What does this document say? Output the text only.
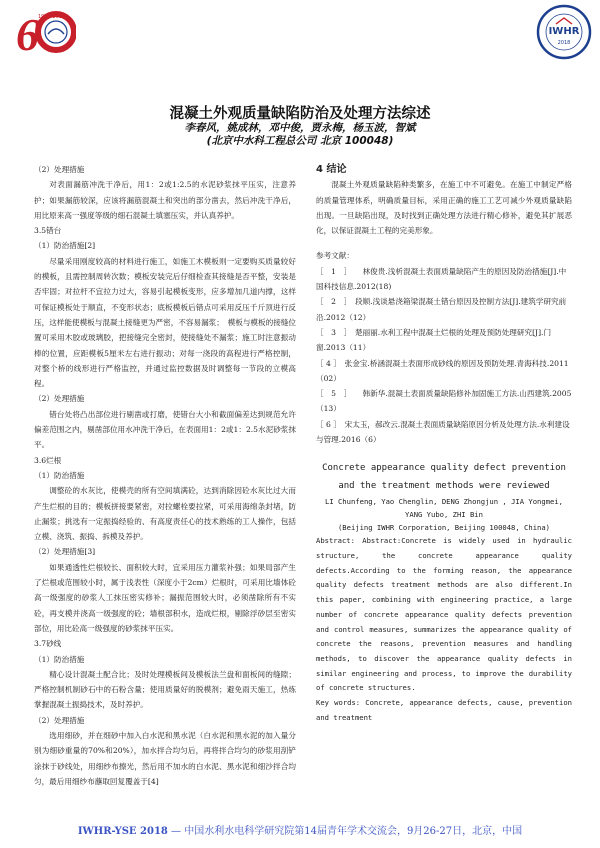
6 1936-2016
IWHR
2018
混凝土外观质量缺陷防治及处理方法综述
李春风，姚成林，邓中俊，贾永梅，杨玉波，智斌
(北京中水科工程总公司 北京 100048)

（2）处理措施

对表面漏筋冲洗干净后，用1：2或1:2.5的水泥砂浆抹平压实，注意养护；如果漏筋较深，应该将漏筋混凝土和突出的部分凿去，然后冲洗干净后，用比原来高一强度等级的细石混凝土填塞压实，并认真养护。

3.5错台

（1）防治措施[2]

尽量采用刚度较高的材料进行施工，如施工木模板则一定要购买质量较好的模板，且需控制周转次数；模板安装完后仔细检查其接缝是否平整，安装是否牢固；对拉杆不宜拉力过大，容易引起模板变形，应多增加几道内撑，这样可保证模板处于顺直，不变形状态；底板模板后错点可采用反压千斤顶进行反压，这样能使模板与混凝土接缝更为严密，不容易漏浆；　模板与模板的接缝位置可采用木胶或玻璃胶，把接缝完全密封，使接缝处不漏浆；施工时注意振动棒的位置，应距模板5厘米左右进行振动；对每一浇段的高程进行严格控制，对整个桥的线形进行严格监控，并通过监控数据及时调整每一节段的立模高程。

（2）处理措施

错台处将凸出部位进行剔凿或打磨，使错台大小和截面偏差达到规范允许偏差范围之内，剔凿部位用水冲洗干净后，在表面用1：2或1：2.5水泥砂浆抹平。

3.6烂根

（1）防治措施

调整砼的水灰比，使模壳的所有空间填满砼，达到消除因砼水灰比过大而产生烂根的目的；模板拼接要紧密，对拉螺栓要拉紧，可采用海绵条封堵，防止漏浆；挑选有一定振捣经验的、有高度责任心的技术熟练的工人操作，包括立模、浇筑、振捣、拆模及养护。

（2）处理措施[3]

如果通透性烂根较长、面积较大时，宜采用压力灌浆补强；如果局部产生了烂根或范围较小时，属于浅表性（深度小于2cm）烂根时，可采用比墙体砼高一级强度的砂浆人工抹压密实修补；漏振范围较大时，必须凿除所有不实砼，再支模并浇高一级强度的砼；墙根部积水，造成烂根，剔除浮砂层至密实部位，用比砼高一级强度的砂浆抹平压实。

3.7砂线

（1）防治措施

精心设计混凝土配合比；及时处理模板间及模板法兰盘和面板间的缝隙；严格控制机制砂石中的石粉含量；使用质量好的脱模剂；避免雨天施工，热炼掌握混凝土振捣技术，及时养护。

（2）处理措施

选用细砂，并在细砂中加入白水泥和黑水泥（白水泥和黑水泥的加入量分别为细砂重量的70%和20%），加水拌合均匀后，再将拌合均匀的砂浆用刮铲涂抹于砂线处，用细纱布擦光，然后用不加水的白水泥、黑水泥和细沙拌合均匀，最后用细纱布蘸取回复覆盖于[4]

4 结论

混凝土外观质量缺陷种类繁多，在施工中不可避免。在施工中制定严格的质量管理体系，明确质量目标，采用正确的施工工艺可减少外观质量缺陷出现。一旦缺陷出现，及时找到正确处理方法进行精心修补，避免其扩展恶化，以保证混凝土工程的完美形象。

参考文献：

［　1　］　　林俊贵.浅析混凝土表面质量缺陷产生的原因及防治措施[J].中国科技信息.2012(18)

［　2　］　段顺.浅谈悬浇箱梁混凝土错台原因及控制方法[J].建筑学研究前沿.2012（12）

［　3　］　楚丽丽.水利工程中混凝土烂根的处理及预防处理研究[J].门　　　　窗.2013（11）

［ 4 ］　张金宝.桥涵混凝土表面形成砂线的原因及预防处理.青海科技.2011（02）

［　5　］　　韩新华.混凝土表面质量缺陷修补加固施工方法.山西建筑.2005（13）

［ 6 ］　宋太玉，郝改云.混凝土表面质量缺陷原因分析及处理方法.水利建设与管理.2016（6）

Concrete appearance quality defect prevention and the treatment methods were reviewed
LI Chunfeng, Yao Chenglin, DENG Zhongjun , JIA Yongmei,
YANG Yubo, ZHI Bin
(Beijing IWHR Corporation, Beijing 100048, China)
Abstract: Abstract:Concrete is widely used in hydraulic structure, the concrete appearance quality defects.According to the forming reason, the appearance quality defects treatment methods are also different.In this paper, combining with engineering practice, a large number of concrete appearance quality defects prevention and control measures, summarizes the appearance quality of concrete the reasons, prevention measures and handling methods, to discover the appearance quality defects in similar engineering and process, to improve the durability of concrete structures.
Key words: Concrete, appearance defects, cause, prevention and treatment
IWHR-YSE 2018 — 中国水利水电科学研究院第14届青年学术交流会，9月26-27日，北京，中国
